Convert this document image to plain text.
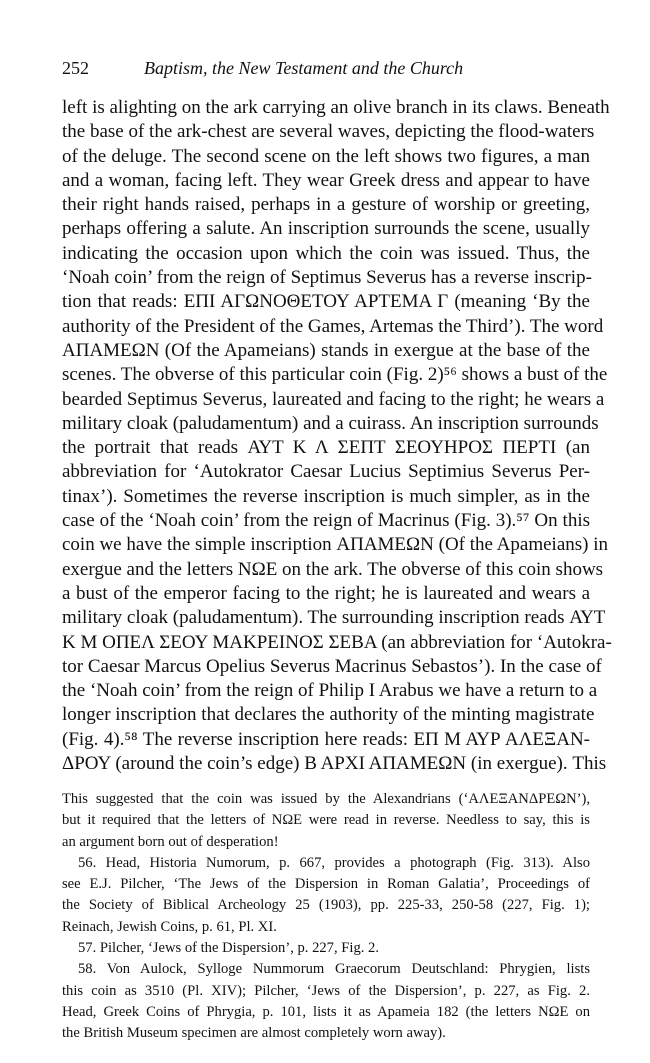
252	Baptism, the New Testament and the Church
left is alighting on the ark carrying an olive branch in its claws. Beneath
the base of the ark-chest are several waves, depicting the flood-waters
of the deluge. The second scene on the left shows two figures, a man
and a woman, facing left. They wear Greek dress and appear to have
their right hands raised, perhaps in a gesture of worship or greeting,
perhaps offering a salute. An inscription surrounds the scene, usually
indicating the occasion upon which the coin was issued. Thus, the
‘Noah coin’ from the reign of Septimus Severus has a reverse inscrip-
tion that reads: ΕΠΙ ΑΓΩΝΟΘΕΤΟΥ ΑΡΤΕΜΑ Γ (meaning ‘By the
authority of the President of the Games, Artemas the Third’). The word
ΑΠΑΜΕΩΝ (Of the Apameians) stands in exergue at the base of the
scenes. The obverse of this particular coin (Fig. 2)⁵⁶ shows a bust of the
bearded Septimus Severus, laureated and facing to the right; he wears a
military cloak (paludamentum) and a cuirass. An inscription surrounds
the portrait that reads ΑΥΤ Κ Λ ΣΕΠΤ ΣΕΟΥΗΡΟΣ ΠΕΡΤΙ (an
abbreviation for ‘Autokrator Caesar Lucius Septimius Severus Per-
tinax’). Sometimes the reverse inscription is much simpler, as in the
case of the ‘Noah coin’ from the reign of Macrinus (Fig. 3).⁵⁷ On this
coin we have the simple inscription ΑΠΑΜΕΩΝ (Of the Apameians) in
exergue and the letters ΝΩΕ on the ark. The obverse of this coin shows
a bust of the emperor facing to the right; he is laureated and wears a
military cloak (paludamentum). The surrounding inscription reads ΑΥΤ
Κ Μ ΟΠΕΛ ΣΕΟΥ ΜΑΚΡΕΙΝΟΣ ΣΕΒΑ (an abbreviation for ‘Autokra-
tor Caesar Marcus Opelius Severus Macrinus Sebastos’). In the case of
the ‘Noah coin’ from the reign of Philip I Arabus we have a return to a
longer inscription that declares the authority of the minting magistrate
(Fig. 4).⁵⁸ The reverse inscription here reads: ΕΠ Μ ΑΥΡ ΑΛΕΞΑΝ-
ΔΡΟΥ (around the coin’s edge) Β ΑΡΧΙ ΑΠΑΜΕΩΝ (in exergue). This
This suggested that the coin was issued by the Alexandrians (‘ΑΛΕΞΑΝΔΡΕΩΝ’),
but it required that the letters of ΝΩΕ were read in reverse. Needless to say, this is
an argument born out of desperation!
56. Head, Historia Numorum, p. 667, provides a photograph (Fig. 313). Also
see E.J. Pilcher, ‘The Jews of the Dispersion in Roman Galatia’, Proceedings of
the Society of Biblical Archeology 25 (1903), pp. 225-33, 250-58 (227, Fig. 1);
Reinach, Jewish Coins, p. 61, Pl. XI.
57. Pilcher, ‘Jews of the Dispersion’, p. 227, Fig. 2.
58. Von Aulock, Sylloge Nummorum Graecorum Deutschland: Phrygien, lists
this coin as 3510 (Pl. XIV); Pilcher, ‘Jews of the Dispersion’, p. 227, as Fig. 2.
Head, Greek Coins of Phrygia, p. 101, lists it as Apameia 182 (the letters ΝΩΕ on
the British Museum specimen are almost completely worn away).
